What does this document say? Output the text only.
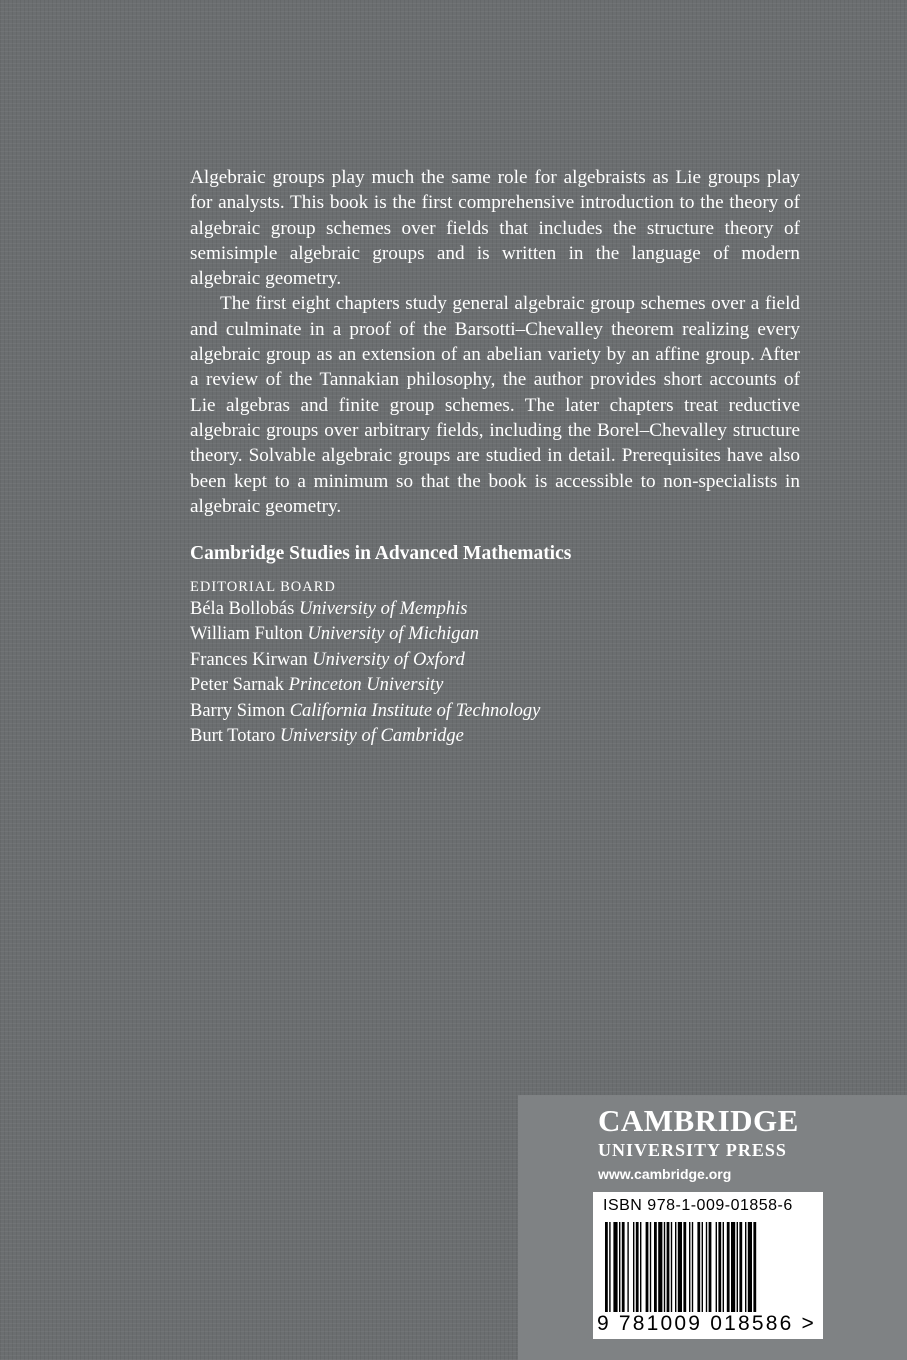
Algebraic groups play much the same role for algebraists as Lie groups play for analysts. This book is the first comprehensive introduction to the theory of algebraic group schemes over fields that includes the structure theory of semisimple algebraic groups and is written in the language of modern algebraic geometry.

The first eight chapters study general algebraic group schemes over a field and culminate in a proof of the Barsotti–Chevalley theorem realizing every algebraic group as an extension of an abelian variety by an affine group. After a review of the Tannakian philosophy, the author provides short accounts of Lie algebras and finite group schemes. The later chapters treat reductive algebraic groups over arbitrary fields, including the Borel–Chevalley structure theory. Solvable algebraic groups are studied in detail. Prerequisites have also been kept to a minimum so that the book is accessible to non-specialists in algebraic geometry.

Cambridge Studies in Advanced Mathematics
EDITORIAL BOARD
Béla Bollobás University of Memphis
William Fulton University of Michigan
Frances Kirwan University of Oxford
Peter Sarnak Princeton University
Barry Simon California Institute of Technology
Burt Totaro University of Cambridge
CAMBRIDGE
UNIVERSITY PRESS
www.cambridge.org
ISBN 978-1-009-01858-6
9 781009 018586 >
